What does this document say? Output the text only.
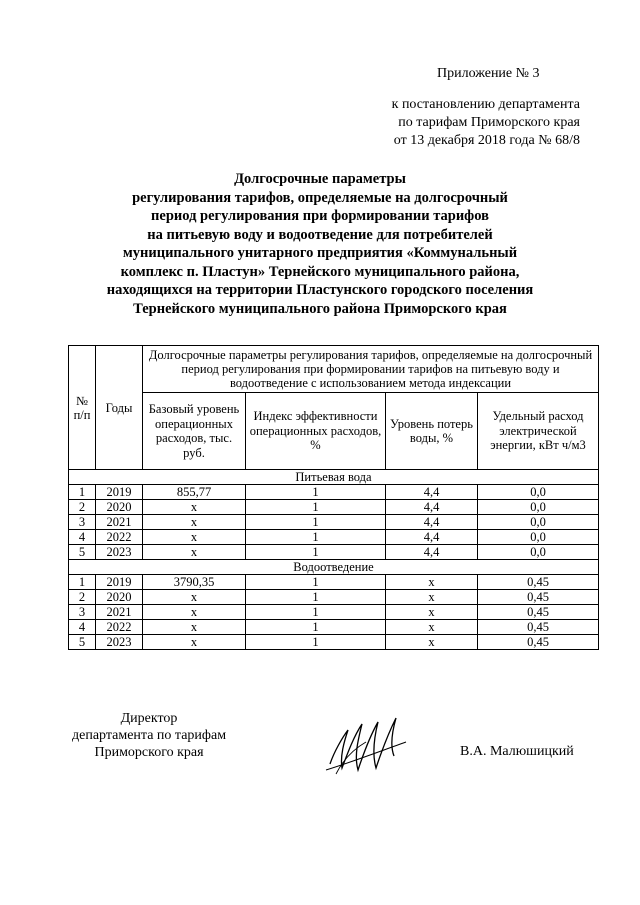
Приложение № 3
к постановлению департамента
по тарифам Приморского края
от 13 декабря 2018 года № 68/8
Долгосрочные параметры
регулирования тарифов, определяемые на долгосрочный
период регулирования при формировании тарифов
на питьевую воду и водоотведение для потребителей
муниципального унитарного предприятия «Коммунальный
комплекс п. Пластун» Тернейского муниципального района,
находящихся на территории Пластунского городского поселения
Тернейского муниципального района Приморского края
№ п/п	Годы	Долгосрочные параметры регулирования тарифов, определяемые на долгосрочный период регулирования при формировании тарифов на питьевую воду и водоотведение с использованием метода индексации			
		Базовый уровень операционных расходов, тыс. руб.	Индекс эффективности операционных расходов, %	Уровень потерь воды, %	Удельный расход электрической энергии, кВт ч/м3
Питьевая вода					
1	2019	855,77	1	4,4	0,0
2	2020	х	1	4,4	0,0
3	2021	х	1	4,4	0,0
4	2022	х	1	4,4	0,0
5	2023	х	1	4,4	0,0
Водоотведение					
1	2019	3790,35	1	х	0,45
2	2020	х	1	х	0,45
3	2021	х	1	х	0,45
4	2022	х	1	х	0,45
5	2023	х	1	х	0,45
Директор
департамента по тарифам
Приморского края	В.А. Малюшицкий
